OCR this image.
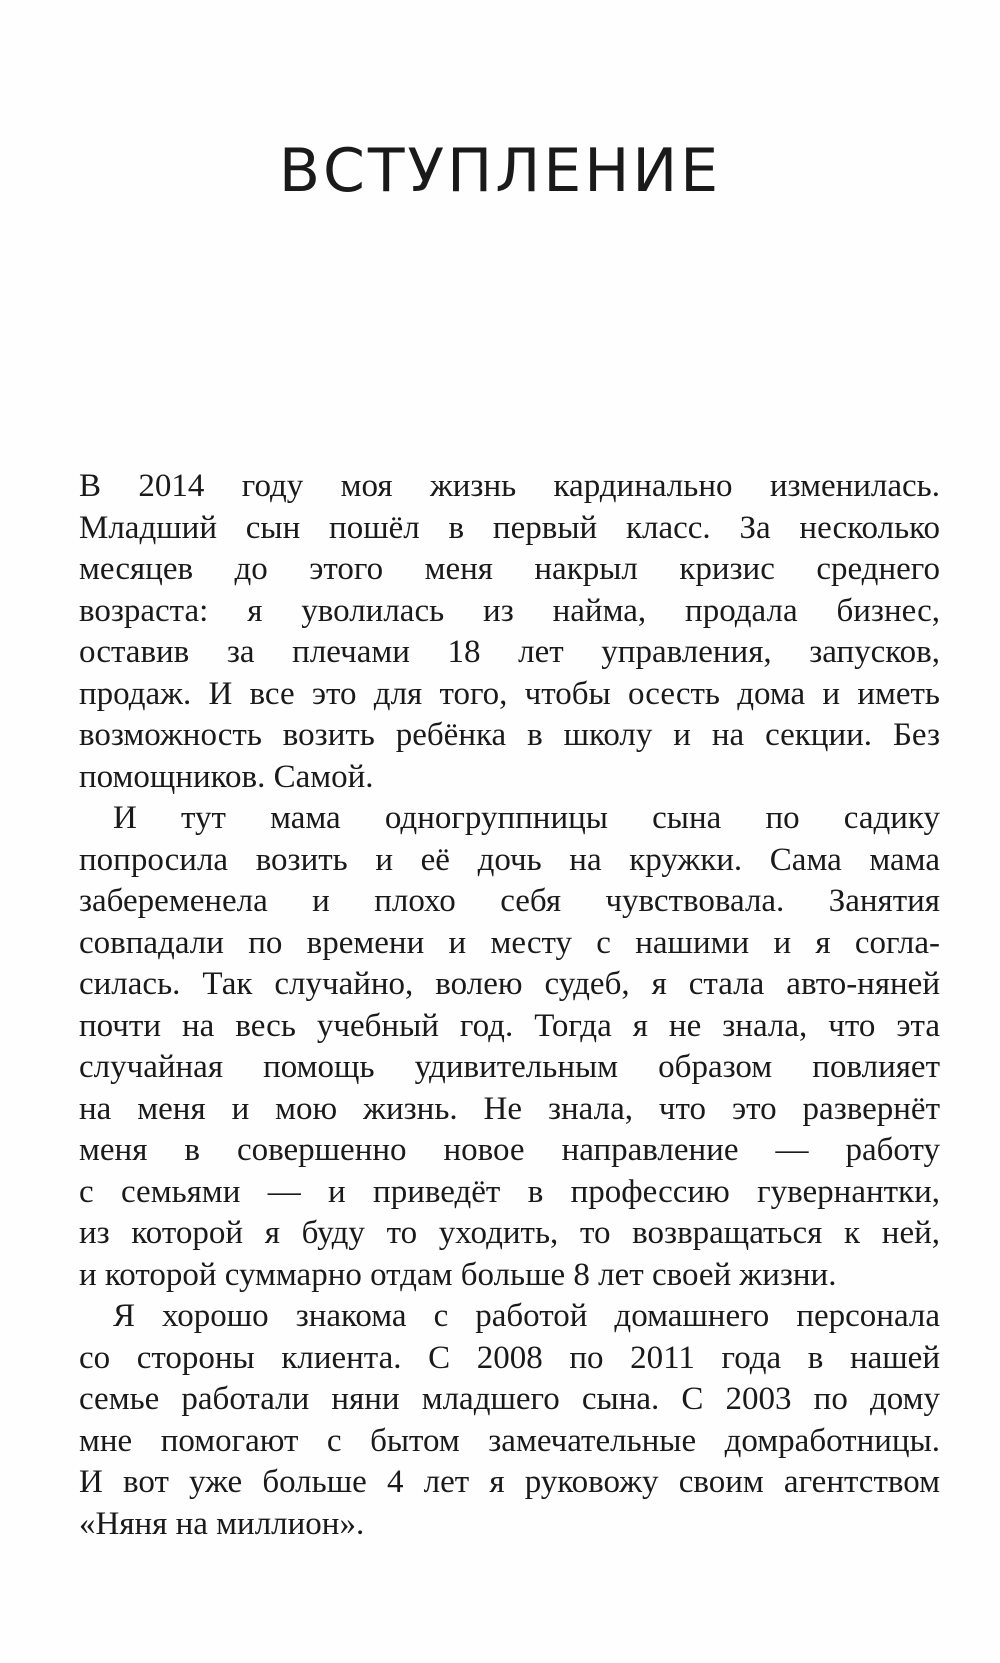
ВСТУПЛЕНИЕ

В 2014 году моя жизнь кардинально изменилась.
Младший сын пошёл в первый класс. За несколько
месяцев до этого меня накрыл кризис среднего
возраста: я уволилась из найма, продала бизнес,
оставив за плечами 18 лет управления, запусков,
продаж. И все это для того, чтобы осесть дома и иметь
возможность возить ребёнка в школу и на секции. Без
помощников. Самой.

И тут мама одногруппницы сына по садику
попросила возить и её дочь на кружки. Сама мама
забеременела и плохо себя чувствовала. Занятия
совпадали по времени и месту с нашими и я согла-
силась. Так случайно, волею судеб, я стала авто-няней
почти на весь учебный год. Тогда я не знала, что эта
случайная помощь удивительным образом повлияет
на меня и мою жизнь. Не знала, что это развернёт
меня в совершенно новое направление — работу
с семьями — и приведёт в профессию гувернантки,
из которой я буду то уходить, то возвращаться к ней,
и которой суммарно отдам больше 8 лет своей жизни.

Я хорошо знакома с работой домашнего персонала
со стороны клиента. С 2008 по 2011 года в нашей
семье работали няни младшего сына. С 2003 по дому
мне помогают с бытом замечательные домработницы.
И вот уже больше 4 лет я руковожу своим агентством
«Няня на миллион».
